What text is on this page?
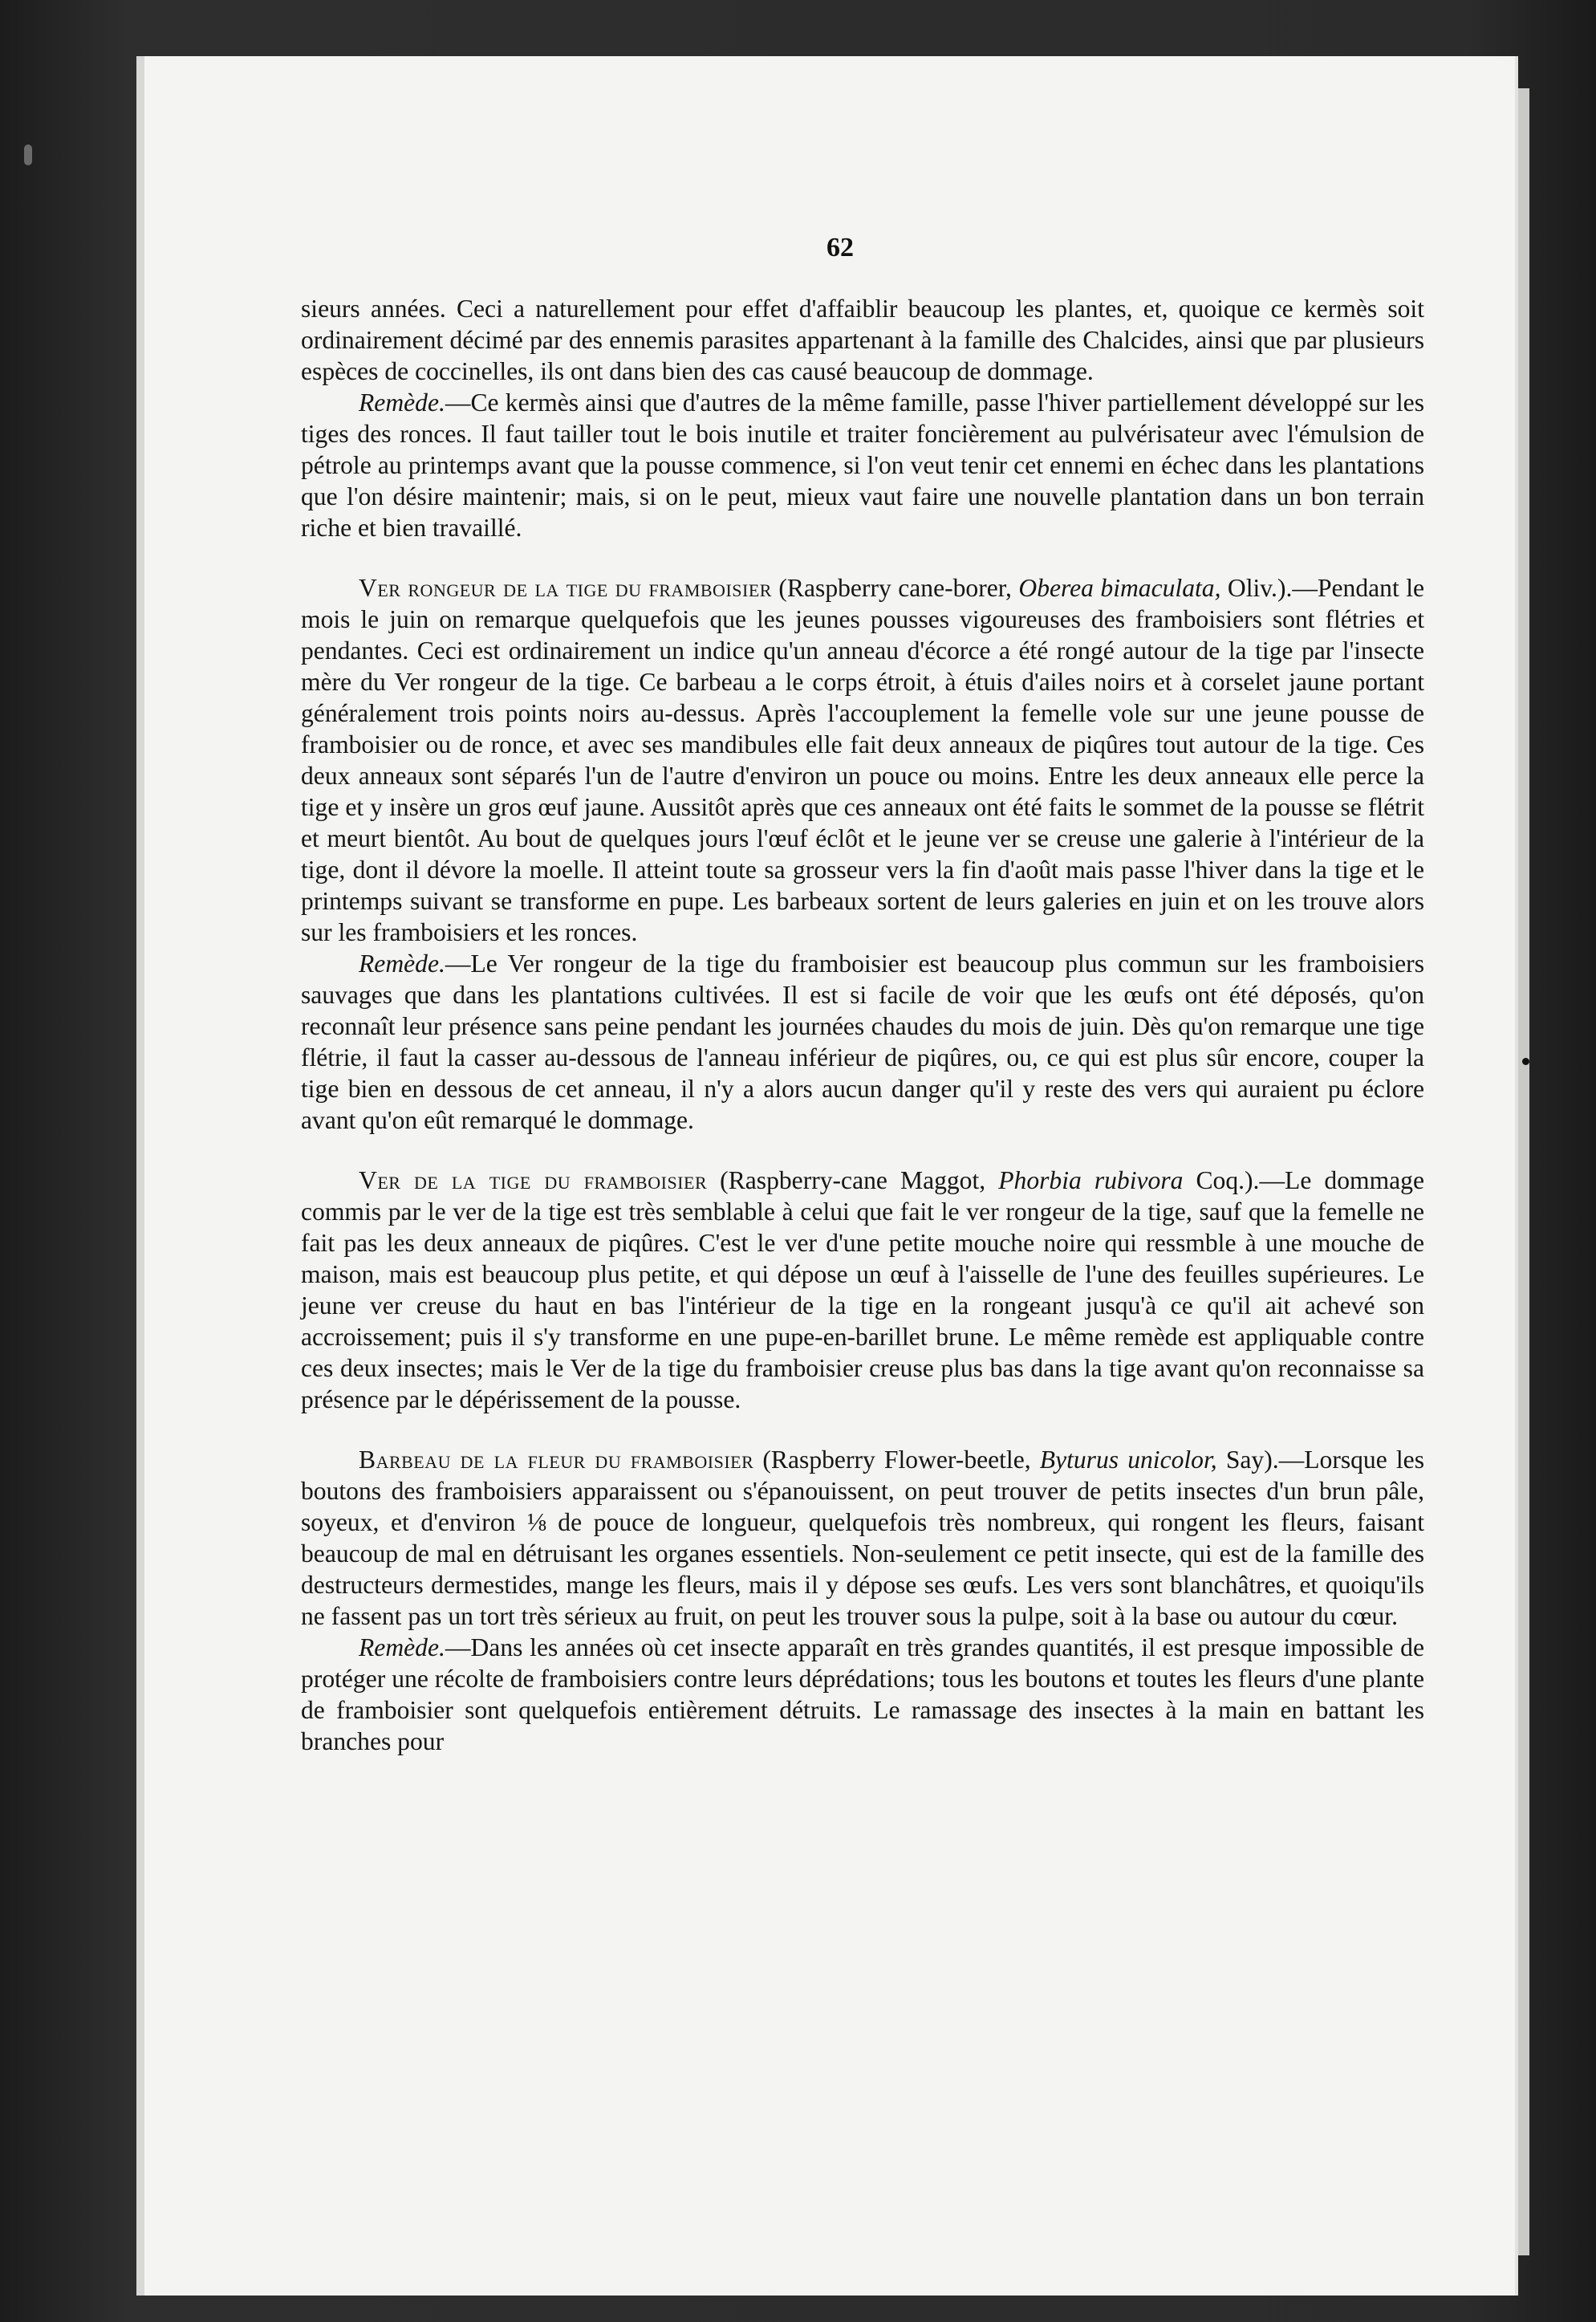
62

sieurs années. Ceci a naturellement pour effet d'affaiblir beaucoup les plantes, et, quoique ce kermès soit ordinairement décimé par des ennemis parasites appartenant à la famille des Chalcides, ainsi que par plusieurs espèces de coccinelles, ils ont dans bien des cas causé beaucoup de dommage.

Remède.—Ce kermès ainsi que d'autres de la même famille, passe l'hiver partiellement développé sur les tiges des ronces. Il faut tailler tout le bois inutile et traiter foncièrement au pulvérisateur avec l'émulsion de pétrole au printemps avant que la pousse commence, si l'on veut tenir cet ennemi en échec dans les plantations que l'on désire maintenir; mais, si on le peut, mieux vaut faire une nouvelle plantation dans un bon terrain riche et bien travaillé.

Ver rongeur de la tige du framboisier (Raspberry cane-borer, Oberea bimaculata, Oliv.).—Pendant le mois le juin on remarque quelquefois que les jeunes pousses vigoureuses des framboisiers sont flétries et pendantes. Ceci est ordinairement un indice qu'un anneau d'écorce a été rongé autour de la tige par l'insecte mère du Ver rongeur de la tige. Ce barbeau a le corps étroit, à étuis d'ailes noirs et à corselet jaune portant généralement trois points noirs au-dessus. Après l'accouplement la femelle vole sur une jeune pousse de framboisier ou de ronce, et avec ses mandibules elle fait deux anneaux de piqûres tout autour de la tige. Ces deux anneaux sont séparés l'un de l'autre d'environ un pouce ou moins. Entre les deux anneaux elle perce la tige et y insère un gros œuf jaune. Aussitôt après que ces anneaux ont été faits le sommet de la pousse se flétrit et meurt bientôt. Au bout de quelques jours l'œuf éclôt et le jeune ver se creuse une galerie à l'intérieur de la tige, dont il dévore la moelle. Il atteint toute sa grosseur vers la fin d'août mais passe l'hiver dans la tige et le printemps suivant se transforme en pupe. Les barbeaux sortent de leurs galeries en juin et on les trouve alors sur les framboisiers et les ronces.

Remède.—Le Ver rongeur de la tige du framboisier est beaucoup plus commun sur les framboisiers sauvages que dans les plantations cultivées. Il est si facile de voir que les œufs ont été déposés, qu'on reconnaît leur présence sans peine pendant les journées chaudes du mois de juin. Dès qu'on remarque une tige flétrie, il faut la casser au-dessous de l'anneau inférieur de piqûres, ou, ce qui est plus sûr encore, couper la tige bien en dessous de cet anneau, il n'y a alors aucun danger qu'il y reste des vers qui auraient pu éclore avant qu'on eût remarqué le dommage.

Ver de la tige du framboisier (Raspberry-cane Maggot, Phorbia rubivora Coq.).—Le dommage commis par le ver de la tige est très semblable à celui que fait le ver rongeur de la tige, sauf que la femelle ne fait pas les deux anneaux de piqûres. C'est le ver d'une petite mouche noire qui ressmble à une mouche de maison, mais est beaucoup plus petite, et qui dépose un œuf à l'aisselle de l'une des feuilles supérieures. Le jeune ver creuse du haut en bas l'intérieur de la tige en la rongeant jusqu'à ce qu'il ait achevé son accroissement; puis il s'y transforme en une pupe-en-barillet brune. Le même remède est appliquable contre ces deux insectes; mais le Ver de la tige du framboisier creuse plus bas dans la tige avant qu'on reconnaisse sa présence par le dépérissement de la pousse.

Barbeau de la fleur du framboisier (Raspberry Flower-beetle, Byturus unicolor, Say).—Lorsque les boutons des framboisiers apparaissent ou s'épanouissent, on peut trouver de petits insectes d'un brun pâle, soyeux, et d'environ ⅛ de pouce de longueur, quelquefois très nombreux, qui rongent les fleurs, faisant beaucoup de mal en détruisant les organes essentiels. Non-seulement ce petit insecte, qui est de la famille des destructeurs dermestides, mange les fleurs, mais il y dépose ses œufs. Les vers sont blanchâtres, et quoiqu'ils ne fassent pas un tort très sérieux au fruit, on peut les trouver sous la pulpe, soit à la base ou autour du cœur.

Remède.—Dans les années où cet insecte apparaît en très grandes quantités, il est presque impossible de protéger une récolte de framboisiers contre leurs déprédations; tous les boutons et toutes les fleurs d'une plante de framboisier sont quelquefois entièrement détruits. Le ramassage des insectes à la main en battant les branches pour
